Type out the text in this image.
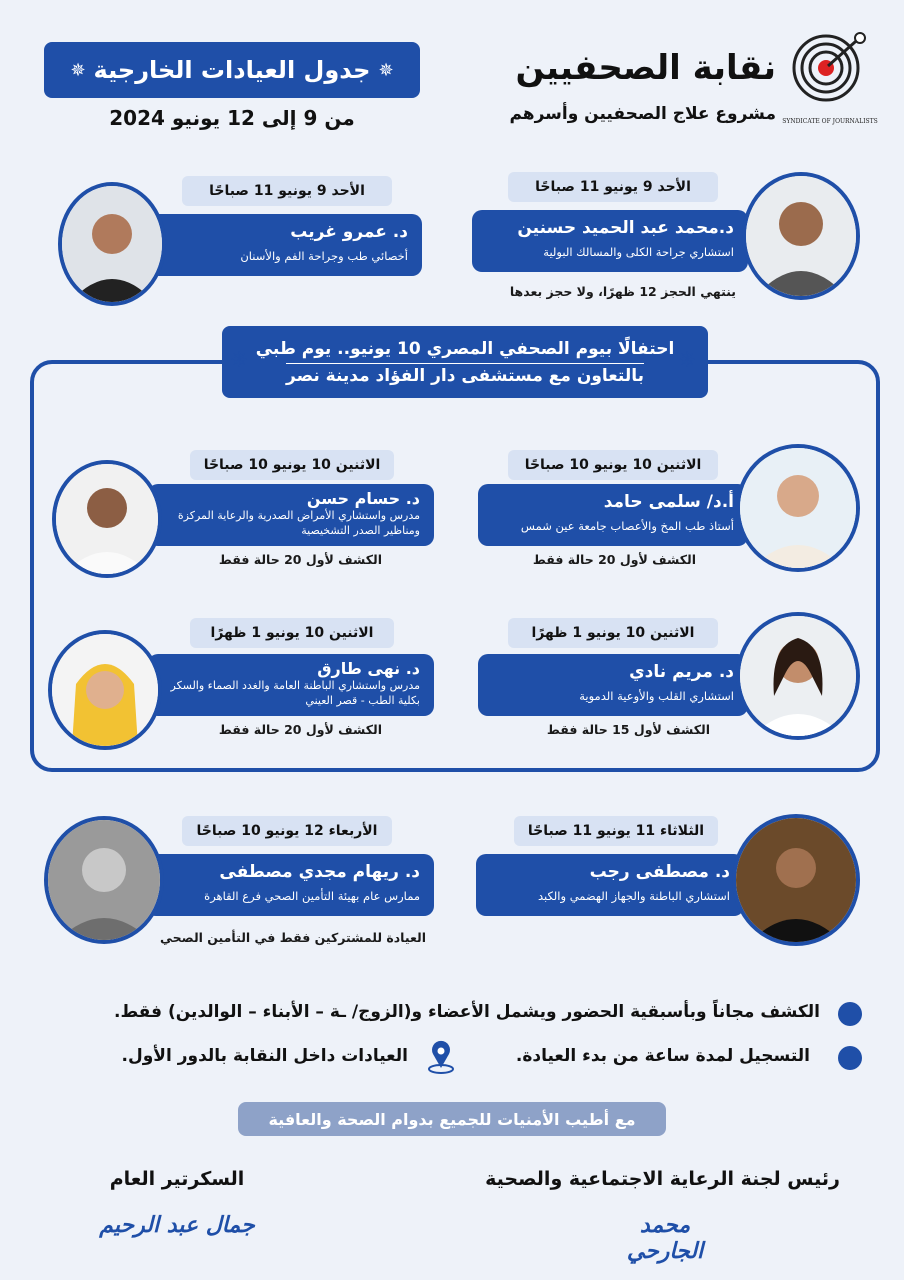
SYNDICATE OF JOURNALISTS
نقابة الصحفيين
مشروع علاج الصحفيين وأسرهم
✵ جدول العيادات الخارجية ✵
من 9 إلى 12 يونيو 2024
الأحد 9 يونيو 11 صباحًا
د.محمد عبد الحميد حسنين
استشاري جراحة الكلى والمسالك البولية
ينتهي الحجز 12 ظهرًا، ولا حجز بعدها
الأحد 9 يونيو 11 صباحًا
د. عمرو غريب
أخصائي طب وجراحة الفم والأسنان
احتفالًا بيوم الصحفي المصري 10 يونيو.. يوم طبي
بالتعاون مع مستشفى دار الفؤاد مدينة نصر
✵	✵
الاثنين 10 يونيو 10 صباحًا
أ.د/ سلمى حامد
أستاذ طب المخ والأعصاب جامعة عين شمس
الكشف لأول 20 حالة فقط
الاثنين 10 يونيو 10 صباحًا
د. حسام حسن
مدرس واستشاري الأمراض الصدرية والرعاية المركزة ومناظير الصدر التشخيصية
الكشف لأول 20 حالة فقط
الاثنين 10 يونيو 1 ظهرًا
د. مريم نادي
استشاري القلب والأوعية الدموية
الكشف لأول 15 حالة فقط
الاثنين 10 يونيو 1 ظهرًا
د. نهى طارق
مدرس واستشاري الباطنة العامة والغدد الصماء والسكر بكلية الطب - قصر العيني
الكشف لأول 20 حالة فقط
الثلاثاء 11 يونيو 11 صباحًا
د. مصطفى رجب
استشاري الباطنة والجهاز الهضمي والكبد
الأربعاء 12 يونيو 10 صباحًا
د. ريهام مجدي مصطفى
ممارس عام بهيئة التأمين الصحي فرع القاهرة
العيادة للمشتركين فقط في التأمين الصحي
الكشف مجاناً وبأسبقية الحضور ويشمل الأعضاء و(الزوج/ ـة – الأبناء – الوالدين) فقط.
التسجيل لمدة ساعة من بدء العيادة.
العيادات داخل النقابة بالدور الأول.
مع أطيب الأمنيات للجميع بدوام الصحة والعافية
رئيس لجنة الرعاية الاجتماعية والصحية
محمد الجارحي
السكرتير العام
جمال عبد الرحيم
